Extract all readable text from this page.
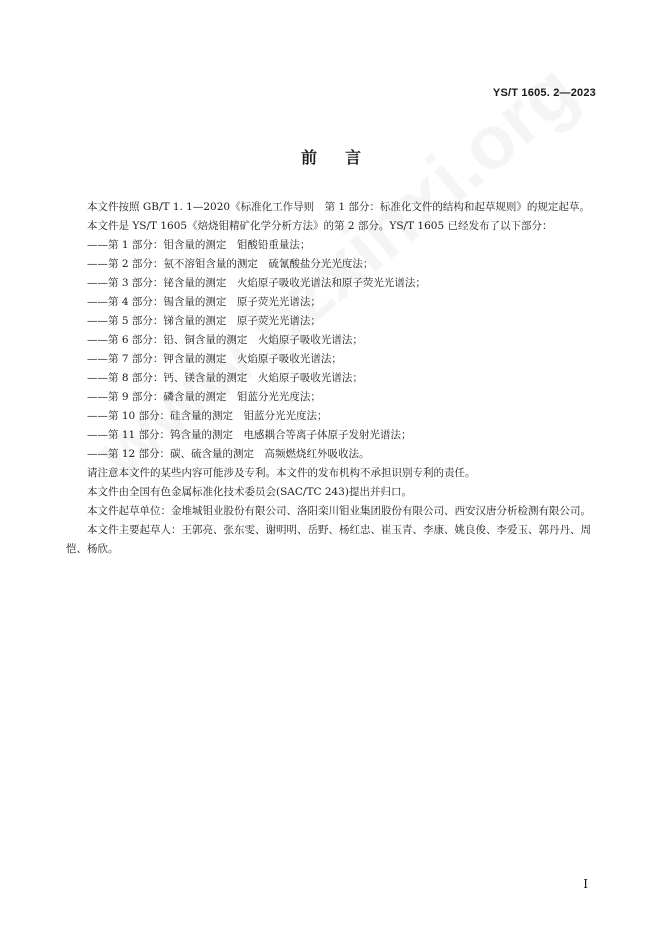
YS/T 1605. 2—2023
前言

本文件按照 GB/T 1. 1—2020《标准化工作导则　第 1 部分：标准化文件的结构和起草规则》的规定起草。

本文件是 YS/T 1605《焙烧钼精矿化学分析方法》的第 2 部分。YS/T 1605 已经发布了以下部分：

——第 1 部分：钼含量的测定　钼酸铅重量法；

——第 2 部分：氨不溶钼含量的测定　硫氰酸盐分光光度法；

——第 3 部分：铋含量的测定　火焰原子吸收光谱法和原子荧光光谱法；

——第 4 部分：锡含量的测定　原子荧光光谱法；

——第 5 部分：锑含量的测定　原子荧光光谱法；

——第 6 部分：铅、铜含量的测定　火焰原子吸收光谱法；

——第 7 部分：钾含量的测定　火焰原子吸收光谱法；

——第 8 部分：钙、镁含量的测定　火焰原子吸收光谱法；

——第 9 部分：磷含量的测定　钼蓝分光光度法；

——第 10 部分：硅含量的测定　钼蓝分光光度法；

——第 11 部分：钨含量的测定　电感耦合等离子体原子发射光谱法；

——第 12 部分：碳、硫含量的测定　高频燃烧红外吸收法。

请注意本文件的某些内容可能涉及专利。本文件的发布机构不承担识别专利的责任。

本文件由全国有色金属标准化技术委员会(SAC/TC 243)提出并归口。

本文件起草单位：金堆城钼业股份有限公司、洛阳栾川钼业集团股份有限公司、西安汉唐分析检测有限公司。

本文件主要起草人：王郭亮、张东雯、谢明明、岳野、杨红忠、崔玉青、李康、姚良俊、李爱玉、郭丹丹、周恺、杨欣。

I
